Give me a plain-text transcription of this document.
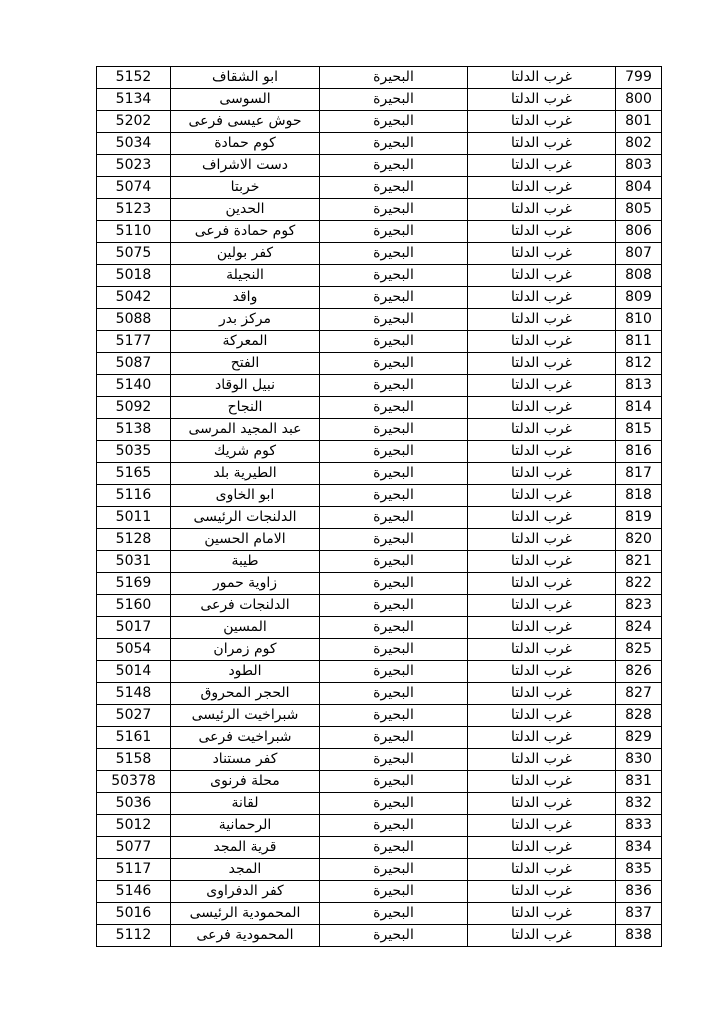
799	غرب الدلتا	البحيرة	ابو الشقاف	5152
800	غرب الدلتا	البحيرة	السوسى	5134
801	غرب الدلتا	البحيرة	حوش عيسى فرعى	5202
802	غرب الدلتا	البحيرة	كوم حمادة	5034
803	غرب الدلتا	البحيرة	دست الاشراف	5023
804	غرب الدلتا	البحيرة	خربتا	5074
805	غرب الدلتا	البحيرة	الحدين	5123
806	غرب الدلتا	البحيرة	كوم حمادة فرعى	5110
807	غرب الدلتا	البحيرة	كفر بولين	5075
808	غرب الدلتا	البحيرة	النجيلة	5018
809	غرب الدلتا	البحيرة	واقد	5042
810	غرب الدلتا	البحيرة	مركز بدر	5088
811	غرب الدلتا	البحيرة	المعركة	5177
812	غرب الدلتا	البحيرة	الفتح	5087
813	غرب الدلتا	البحيرة	نبيل الوقاد	5140
814	غرب الدلتا	البحيرة	النجاح	5092
815	غرب الدلتا	البحيرة	عبد المجيد المرسى	5138
816	غرب الدلتا	البحيرة	كوم شريك	5035
817	غرب الدلتا	البحيرة	الطيرية بلد	5165
818	غرب الدلتا	البحيرة	ابو الخاوى	5116
819	غرب الدلتا	البحيرة	الدلنجات الرئيسى	5011
820	غرب الدلتا	البحيرة	الامام الحسين	5128
821	غرب الدلتا	البحيرة	طيبة	5031
822	غرب الدلتا	البحيرة	زاوية حمور	5169
823	غرب الدلتا	البحيرة	الدلنجات فرعى	5160
824	غرب الدلتا	البحيرة	المسين	5017
825	غرب الدلتا	البحيرة	كوم زمران	5054
826	غرب الدلتا	البحيرة	الطود	5014
827	غرب الدلتا	البحيرة	الحجر المحروق	5148
828	غرب الدلتا	البحيرة	شبراخيت الرئيسى	5027
829	غرب الدلتا	البحيرة	شبراخيت فرعى	5161
830	غرب الدلتا	البحيرة	كفر مستناد	5158
831	غرب الدلتا	البحيرة	محلة فرنوى	50378
832	غرب الدلتا	البحيرة	لقانة	5036
833	غرب الدلتا	البحيرة	الرحمانية	5012
834	غرب الدلتا	البحيرة	قرية المجد	5077
835	غرب الدلتا	البحيرة	المجد	5117
836	غرب الدلتا	البحيرة	كفر الدفراوى	5146
837	غرب الدلتا	البحيرة	المحمودية الرئيسى	5016
838	غرب الدلتا	البحيرة	المحمودية فرعى	5112
